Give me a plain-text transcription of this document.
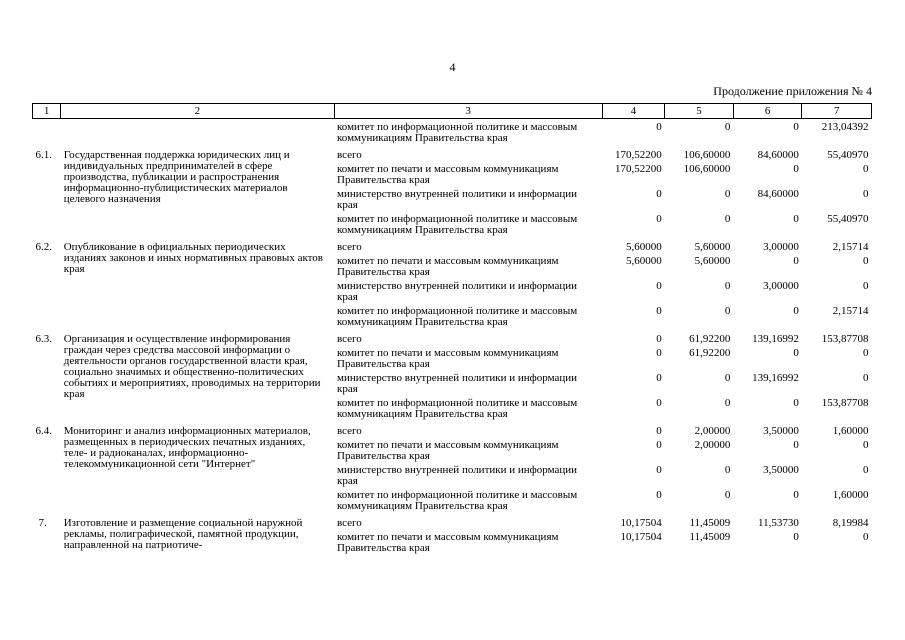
4
Продолжение приложения № 4
1	2	3	4	5	6	7
		комитет по информационной политике и массовым коммуникациям Правительства края	0	0	0	213,04392
6.1.	Государственная поддержка юридических лиц и индивидуальных предпринимателей в сфере производства, публикации и распространения информационно-публицистических материалов целевого назначения	всего	170,52200	106,60000	84,60000	55,40970
		комитет по печати и массовым коммуникациям Правительства края	170,52200	106,60000	0	0
		министерство внутренней политики и информации края	0	0	84,60000	0
		комитет по информационной политике и массовым коммуникациям Правительства края	0	0	0	55,40970
6.2.	Опубликование в официальных периодических изданиях законов и иных нормативных правовых актов края	всего	5,60000	5,60000	3,00000	2,15714
		комитет по печати и массовым коммуникациям Правительства края	5,60000	5,60000	0	0
		министерство внутренней политики и информации края	0	0	3,00000	0
		комитет по информационной политике и массовым коммуникациям Правительства края	0	0	0	2,15714
6.3.	Организация и осуществление информирования граждан через средства массовой информации о деятельности органов государственной власти края, социально значимых и общественно-политических событиях и мероприятиях, проводимых на территории края	всего	0	61,92200	139,16992	153,87708
		комитет по печати и массовым коммуникациям Правительства края	0	61,92200	0	0
		министерство внутренней политики и информации края	0	0	139,16992	0
		комитет по информационной политике и массовым коммуникациям Правительства края	0	0	0	153,87708
6.4.	Мониторинг и анализ информационных материалов, размещенных в периодических печатных изданиях, теле- и радиоканалах, информационно-телекоммуникационной сети "Интернет"	всего	0	2,00000	3,50000	1,60000
		комитет по печати и массовым коммуникациям Правительства края	0	2,00000	0	0
		министерство внутренней политики и информации края	0	0	3,50000	0
		комитет по информационной политике и массовым коммуникациям Правительства края	0	0	0	1,60000
7.	Изготовление и размещение социальной наружной рекламы, полиграфической, памятной продукции, направленной на патриотиче-	всего	10,17504	11,45009	11,53730	8,19984
		комитет по печати и массовым коммуникациям Правительства края	10,17504	11,45009	0	0
